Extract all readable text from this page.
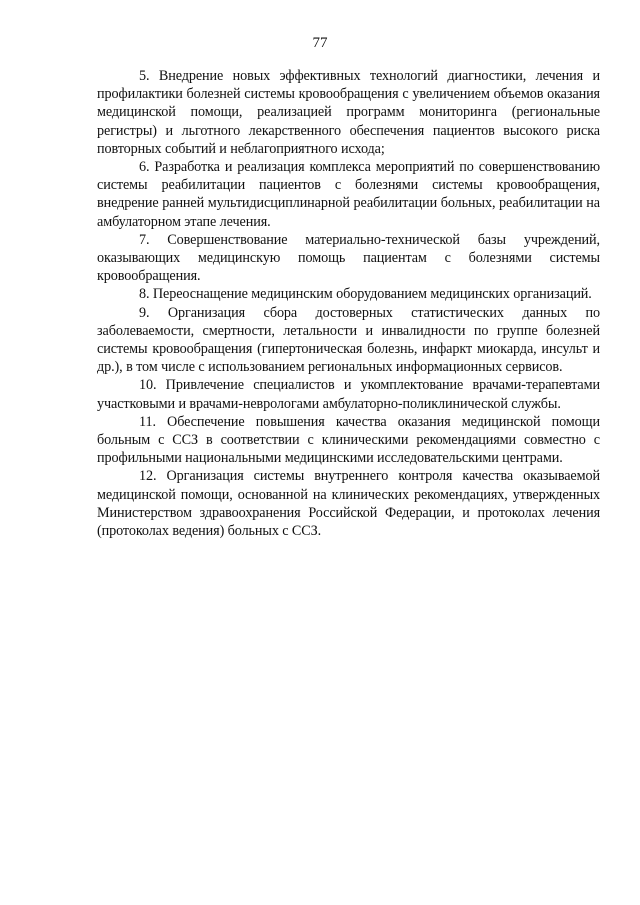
77

5. Внедрение новых эффективных технологий диагностики, лечения и профилактики болезней системы кровообращения с увеличением объемов оказания медицинской помощи, реализацией программ мониторинга (региональные регистры) и льготного лекарственного обеспечения пациентов высокого риска повторных событий и неблагоприятного исхода;

6. Разработка и реализация комплекса мероприятий по совершенствованию системы реабилитации пациентов с болезнями системы кровообращения, внедрение ранней мультидисциплинарной реабилитации больных, реабилитации на амбулаторном этапе лечения.

7. Совершенствование материально-технической базы учреждений, оказывающих медицинскую помощь пациентам с болезнями системы кровообращения.

8. Переоснащение медицинским оборудованием медицинских организаций.

9. Организация сбора достоверных статистических данных по заболеваемости, смертности, летальности и инвалидности по группе болезней системы кровообращения (гипертоническая болезнь, инфаркт миокарда, инсульт и др.), в том числе с использованием региональных информационных сервисов.

10. Привлечение специалистов и укомплектование врачами-терапевтами участковыми и врачами-неврологами амбулаторно-поликлинической службы.

11. Обеспечение повышения качества оказания медицинской помощи больным с ССЗ в соответствии с клиническими рекомендациями совместно с профильными национальными медицинскими исследовательскими центрами.

12. Организация системы внутреннего контроля качества оказываемой медицинской помощи, основанной на клинических рекомендациях, утвержденных Министерством здравоохранения Российской Федерации, и протоколах лечения (протоколах ведения) больных с ССЗ.
